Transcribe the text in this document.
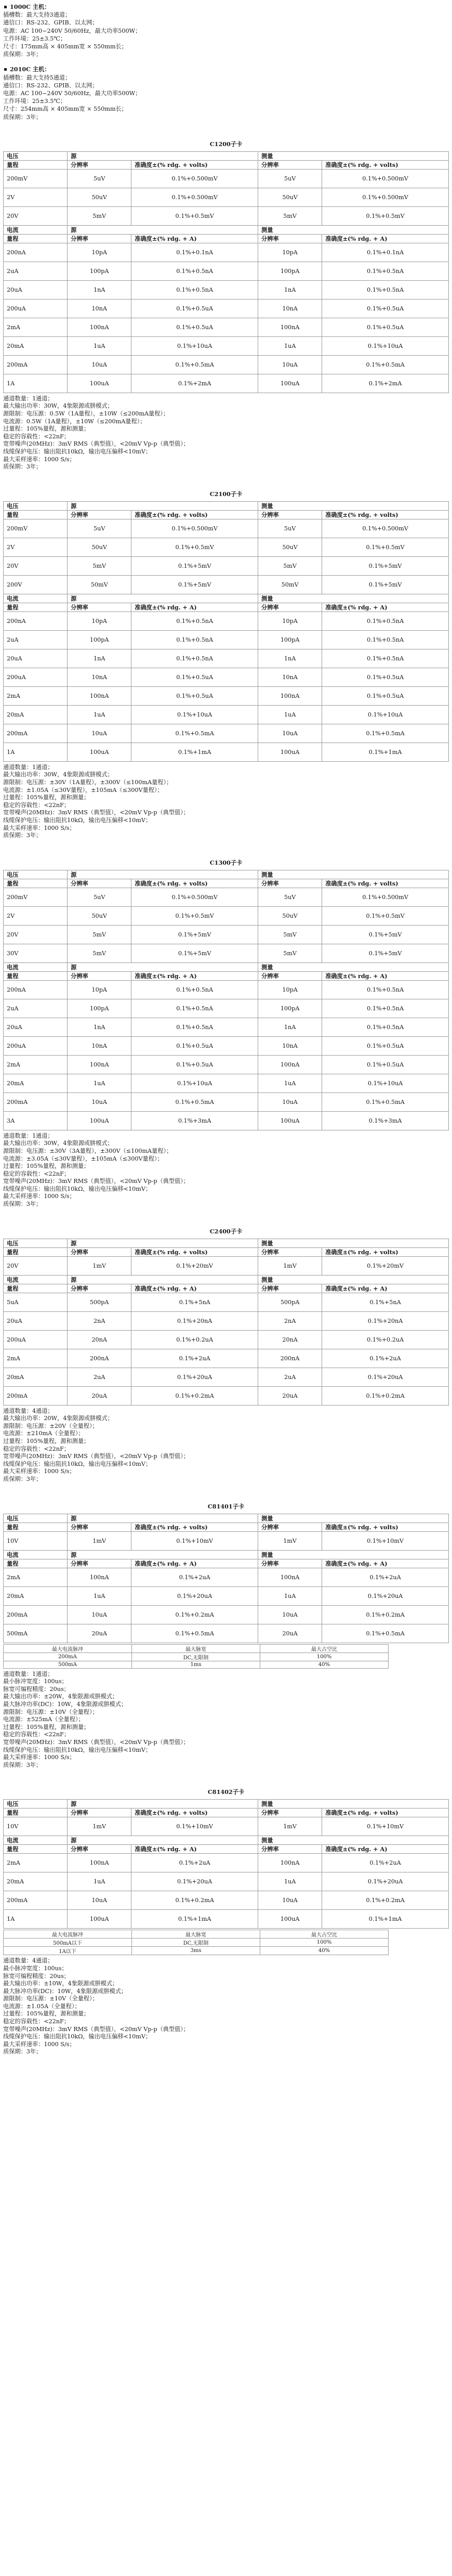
1000C 主机：
插槽数：最大支持3通道；
通信口：RS-232、GPIB、以太网；
电源：AC 100~240V 50/60Hz，最大功率500W；
工作环境：25±3.5℃；
尺寸：175mm高 × 405mm宽 × 550mm长；
质保期：3年；
2010C 主机：
插槽数：最大支持5通道；
通信口：RS-232、GPIB、以太网；
电源：AC 100~240V 50/60Hz，最大功率500W；
工作环境：25±3.5℃；
尺寸：254mm高 × 405mm宽 × 550mm长；
质保期：3年；
C1200子卡
电压	源		测量	
量程	分辨率	准确度±(% rdg. + volts)	分辨率	准确度±(% rdg. + volts)
200mV	5uV	0.1%+0.500mV	5uV	0.1%+0.500mV
2V	50uV	0.1%+0.500mV	50uV	0.1%+0.500mV
20V	5mV	0.1%+0.5mV	5mV	0.1%+0.5mV
电流	源		测量	
量程	分辨率	准确度±(% rdg. + A)	分辨率	准确度±(% rdg. + A)
200nA	10pA	0.1%+0.1nA	10pA	0.1%+0.1nA
2uA	100pA	0.1%+0.5nA	100pA	0.1%+0.5nA
20uA	1nA	0.1%+0.5nA	1nA	0.1%+0.5nA
200uA	10nA	0.1%+0.5uA	10nA	0.1%+0.5uA
2mA	100nA	0.1%+0.5uA	100nA	0.1%+0.5uA
20mA	1uA	0.1%+10uA	1uA	0.1%+10uA
200mA	10uA	0.1%+0.5mA	10uA	0.1%+0.5mA
1A	100uA	0.1%+2mA	100uA	0.1%+2mA
通道数量：1通道；
最大输出功率：30W，4象限源或肼模式；
源限制：电压源：0.5W（1A量程），±10W（≤200mA量程）；
电流源：0.5W（1A量程），±10W（≤200mA量程）；
过量程：105%量程，源和测量；
稳定的容载性：<22nF；
宽带噪声(20MHz)：3mV RMS（典型值），<20mV Vp-p（典型值）；
线缆保护电压：输出阻抗10kΩ，输出电压偏移<10mV；
最大采样速率：1000 S/s；
质保期：3年；
C2100子卡
电压	源		测量	
量程	分辨率	准确度±(% rdg. + volts)	分辨率	准确度±(% rdg. + volts)
200mV	5uV	0.1%+0.500mV	5uV	0.1%+0.500mV
2V	50uV	0.1%+0.5mV	50uV	0.1%+0.5mV
20V	5mV	0.1%+5mV	5mV	0.1%+5mV
200V	50mV	0.1%+5mV	50mV	0.1%+5mV
电流	源		测量	
量程	分辨率	准确度±(% rdg. + A)	分辨率	准确度±(% rdg. + A)
200nA	10pA	0.1%+0.5nA	10pA	0.1%+0.5nA
2uA	100pA	0.1%+0.5nA	100pA	0.1%+0.5nA
20uA	1nA	0.1%+0.5nA	1nA	0.1%+0.5nA
200uA	10nA	0.1%+0.5uA	10nA	0.1%+0.5uA
2mA	100nA	0.1%+0.5uA	100nA	0.1%+0.5uA
20mA	1uA	0.1%+10uA	1uA	0.1%+10uA
200mA	10uA	0.1%+0.5mA	10uA	0.1%+0.5mA
1A	100uA	0.1%+1mA	100uA	0.1%+1mA
通道数量：1通道；
最大输出功率：30W，4象限源或肼模式；
源限制：电压源：±30V（1A量程），±300V（≤100mA量程）；
电流源：±1.05A（≤30V量程），±105mA（≤300V量程）；
过量程：105%量程，源和测量；
稳定的容载性：<22nF；
宽带噪声(20MHz)：3mV RMS（典型值），<20mV Vp-p（典型值）；
线缆保护电压：输出阻抗10kΩ，输出电压偏移<10mV；
最大采样速率：1000 S/s；
质保期：3年；
C1300子卡
电压	源		测量	
量程	分辨率	准确度±(% rdg. + volts)	分辨率	准确度±(% rdg. + volts)
200mV	5uV	0.1%+0.500mV	5uV	0.1%+0.500mV
2V	50uV	0.1%+0.5mV	50uV	0.1%+0.5mV
20V	5mV	0.1%+5mV	5mV	0.1%+5mV
30V	5mV	0.1%+5mV	5mV	0.1%+5mV
电流	源		测量	
量程	分辨率	准确度±(% rdg. + A)	分辨率	准确度±(% rdg. + A)
200nA	10pA	0.1%+0.5nA	10pA	0.1%+0.5nA
2uA	100pA	0.1%+0.5nA	100pA	0.1%+0.5nA
20uA	1nA	0.1%+0.5nA	1nA	0.1%+0.5nA
200uA	10nA	0.1%+0.5uA	10nA	0.1%+0.5uA
2mA	100nA	0.1%+0.5uA	100nA	0.1%+0.5uA
20mA	1uA	0.1%+10uA	1uA	0.1%+10uA
200mA	10uA	0.1%+0.5mA	10uA	0.1%+0.5mA
3A	100uA	0.1%+3mA	100uA	0.1%+3mA
通道数量：1通道；
最大输出功率：30W，4象限源或肼模式；
源限制：电压源：±30V（3A量程），±300V（≤100mA量程）；
电流源：±3.05A（≤30V量程），±105mA（≤300V量程）；
过量程：105%量程，源和测量；
稳定的容载性：<22nF；
宽带噪声(20MHz)：3mV RMS（典型值），<20mV Vp-p（典型值）；
线缆保护电压：输出阻抗10kΩ，输出电压偏移<10mV；
最大采样速率：1000 S/s；
质保期：3年；
C2400子卡
电压	源		测量	
量程	分辨率	准确度±(% rdg. + volts)	分辨率	准确度±(% rdg. + volts)
20V	1mV	0.1%+20mV	1mV	0.1%+20mV
电流	源		测量	
量程	分辨率	准确度±(% rdg. + A)	分辨率	准确度±(% rdg. + A)
5uA	500pA	0.1%+5nA	500pA	0.1%+5nA
20uA	2nA	0.1%+20nA	2nA	0.1%+20nA
200uA	20nA	0.1%+0.2uA	20nA	0.1%+0.2uA
2mA	200nA	0.1%+2uA	200nA	0.1%+2uA
20mA	2uA	0.1%+20uA	2uA	0.1%+20uA
200mA	20uA	0.1%+0.2mA	20uA	0.1%+0.2mA
通道数量：4通道；
最大输出功率：20W，4象限源或肼模式；
源限制：电压源：±20V（全量程）；
电流源：±210mA（全量程）；
过量程：105%量程，源和测量；
稳定的容载性：<22nF；
宽带噪声(20MHz)：3mV RMS（典型值），<20mV Vp-p（典型值）；
线缆保护电压：输出阻抗10kΩ，输出电压偏移<10mV；
最大采样速率：1000 S/s；
质保期：3年；
C81401子卡
电压	源		测量	
量程	分辨率	准确度±(% rdg. + volts)	分辨率	准确度±(% rdg. + volts)
10V	1mV	0.1%+10mV	1mV	0.1%+10mV
电流	源		测量	
量程	分辨率	准确度±(% rdg. + A)	分辨率	准确度±(% rdg. + A)
2mA	100nA	0.1%+2uA	100nA	0.1%+2uA
20mA	1uA	0.1%+20uA	1uA	0.1%+20uA
200mA	10uA	0.1%+0.2mA	10uA	0.1%+0.2mA
500mA	20uA	0.1%+0.5mA	20uA	0.1%+0.5mA
最大电流脉冲	最大脉宽	最大占空比
200mA	DC,无限制	100%
500mA	1ms	40%
通道数量：1通道；
最小脉冲宽度：100us；
脉宽可编程精度：20us；
最大输出功率：±20W，4象限源或肼模式；
最大脉冲功率(DC)：10W，4象限源或肼模式；
源限制：电压源：±10V（全量程）；
电流源：±525mA（全量程）；
过量程：105%量程，源和测量；
稳定的容载性：<22nF；
宽带噪声(20MHz)：3mV RMS（典型值），<20mV Vp-p（典型值）；
线缆保护电压：输出阻抗10kΩ，输出电压偏移<10mV；
最大采样速率：1000 S/s；
质保期：3年；
C81402子卡
电压	源		测量	
量程	分辨率	准确度±(% rdg. + volts)	分辨率	准确度±(% rdg. + volts)
10V	1mV	0.1%+10mV	1mV	0.1%+10mV
电流	源		测量	
量程	分辨率	准确度±(% rdg. + A)	分辨率	准确度±(% rdg. + A)
2mA	100nA	0.1%+2uA	100nA	0.1%+2uA
20mA	1uA	0.1%+20uA	1uA	0.1%+20uA
200mA	10uA	0.1%+0.2mA	10uA	0.1%+0.2mA
1A	100uA	0.1%+1mA	100uA	0.1%+1mA
最大电流脉冲	最大脉宽	最大占空比
500mA以下	DC,无限制	100%
1A以下	3ms	40%
通道数量：4通道；
最小脉冲宽度：100us；
脉宽可编程精度：20us；
最大输出功率：±10W，4象限源或肼模式；
最大脉冲功率(DC)：10W，4象限源或肼模式；
源限制：电压源：±10V（全量程）；
电流源：±1.05A（全量程）；
过量程：105%量程，源和测量；
稳定的容载性：<22nF；
宽带噪声(20MHz)：3mV RMS（典型值），<20mV Vp-p（典型值）；
线缆保护电压：输出阻抗10kΩ，输出电压偏移<10mV；
最大采样速率：1000 S/s；
质保期：3年；
